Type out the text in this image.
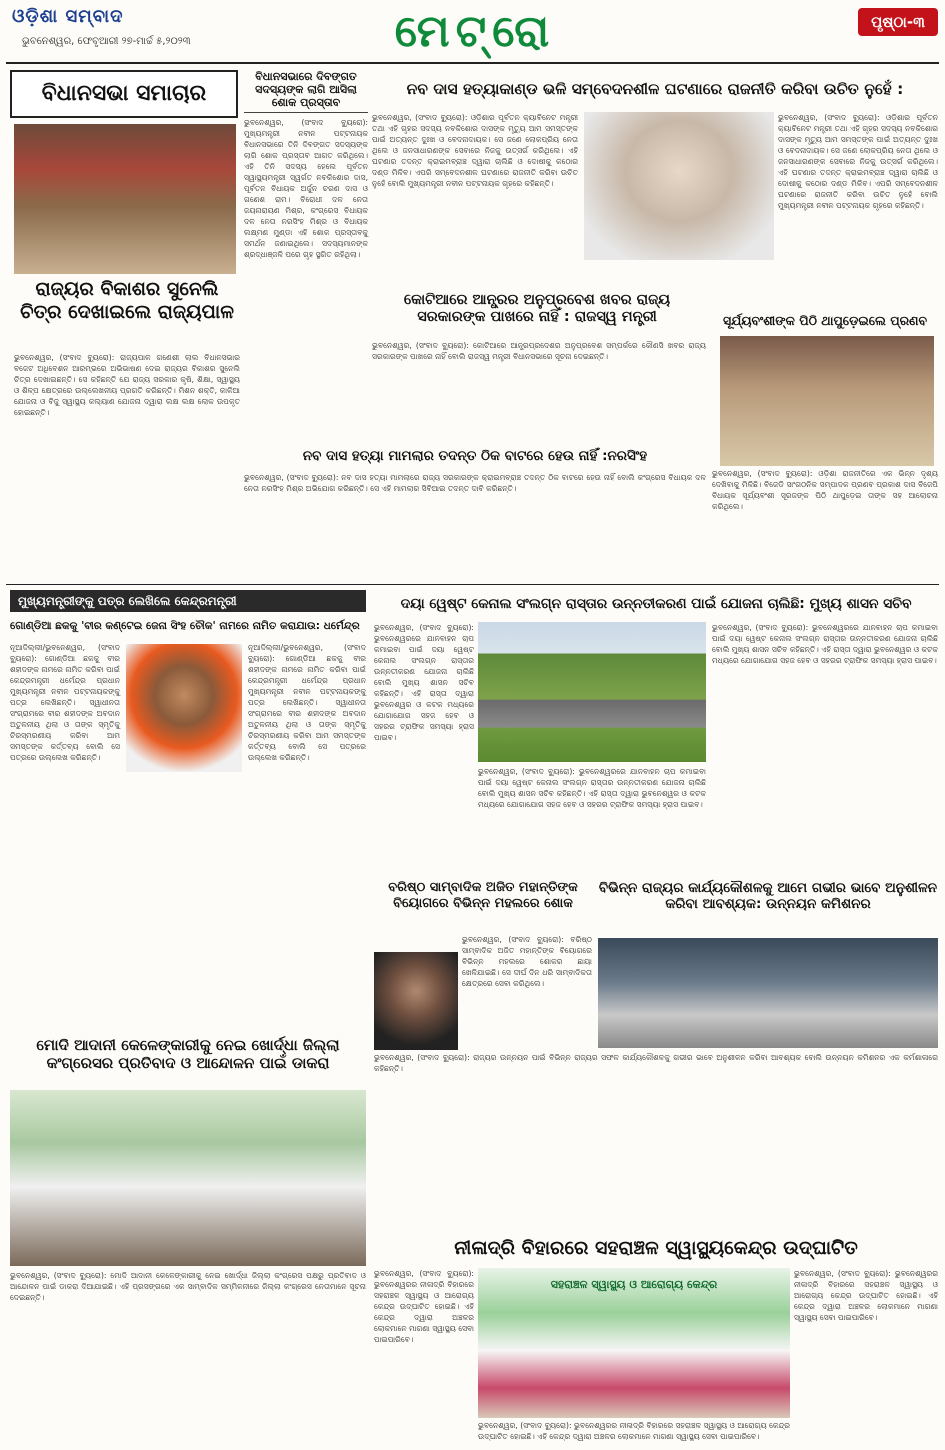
ଓଡ଼ିଶା ସମ୍ବାଦ
ଭୁବନେଶ୍ୱର, ଫେବୃଆରୀ ୨୭-ମାର୍ଚ୍ଚ ୫,୨୦୨୩	ମେଟ୍ରୋ	ପୃଷ୍ଠା-୩
ବିଧାନସଭା ସମାଚାର
ବିଧାନସଭାରେ ଦିବଙ୍ଗତ ସଦସ୍ୟଙ୍କ ଲାଗି ଆସିଲା ଶୋକ ପ୍ରସ୍ତାବ
ଭୁବନେଶ୍ୱର, (ସଂବାଦ ବ୍ୟୁରୋ): ମୁଖ୍ୟମନ୍ତ୍ରୀ ନବୀନ ପଟ୍ଟନାୟକ ବିଧାନସଭାରେ ତିନି ଦିବଙ୍ଗତ ସଦସ୍ୟଙ୍କ ଲାଗି ଶୋକ ପ୍ରସ୍ତାବ ଆଗତ କରିଥିଲେ। ଏହି ତିନି ସଦସ୍ୟ ହେଲେ ପୂର୍ବତନ ସ୍ୱାସ୍ଥ୍ୟମନ୍ତ୍ରୀ ସ୍ୱର୍ଗତ ନବକିଶୋର ଦାସ, ପୂର୍ବତନ ବିଧାୟକ ଅର୍ଜୁନ ଚରଣ ଦାସ ଓ ଗଣେଶ ରାମ। ବିରୋଧୀ ଦଳ ନେତା ଜୟନାରାୟଣ ମିଶ୍ର, କଂଗ୍ରେସ ବିଧାୟକ ଦଳ ନେତା ନରସିଂହ ମିଶ୍ର ଓ ବିଧାୟକ ଲକ୍ଷ୍ମଣ ମୁଣ୍ଡା ଏହି ଶୋକ ପ୍ରସ୍ତାବକୁ ସମର୍ଥନ ଜଣାଇଥିଲେ। ସଦସ୍ୟମାନଙ୍କ ଶ୍ରଦ୍ଧାଞ୍ଜଳି ପରେ ଗୃହ ସ୍ଥଗିତ ରହିଥିଲା।
ନବ ଦାସ ହତ୍ୟାକାଣ୍ଡ ଭଳି ସମ୍ବେଦନଶୀଳ ଘଟଣାରେ ରାଜନୀତି କରିବା ଉଚିତ ନୁହେଁ :
ଭୁବନେଶ୍ୱର, (ସଂବାଦ ବ୍ୟୁରୋ): ଓଡ଼ିଶାର ପୂର୍ବତନ କ୍ୟାବିନେଟ ମନ୍ତ୍ରୀ ତଥା ଏହି ଗୃହର ସଦସ୍ୟ ନବକିଶୋର ଦାସଙ୍କ ମୃତ୍ୟୁ ଆମ ସମସ୍ତଙ୍କ ପାଇଁ ଅତ୍ୟନ୍ତ ଦୁଃଖ ଓ ବେଦନାଦାୟକ। ସେ ଜଣେ ଲୋକପ୍ରିୟ ନେତା ଥିଲେ ଓ ଜନସାଧାରଣଙ୍କ ସେବାରେ ନିଜକୁ ଉତ୍ସର୍ଗ କରିଥିଲେ। ଏହି ଘଟଣାର ତଦନ୍ତ କ୍ରାଇମବ୍ରାଞ୍ଚ ଦ୍ୱାରା ଚାଲିଛି ଓ ଦୋଷୀକୁ କଠୋର ଦଣ୍ଡ ମିଳିବ। ଏପରି ସମ୍ବେଦନଶୀଳ ଘଟଣାରେ ରାଜନୀତି କରିବା ଉଚିତ ନୁହେଁ ବୋଲି ମୁଖ୍ୟମନ୍ତ୍ରୀ ନବୀନ ପଟ୍ଟନାୟକ ଗୃହରେ କହିଛନ୍ତି।
ଭୁବନେଶ୍ୱର, (ସଂବାଦ ବ୍ୟୁରୋ): ଓଡ଼ିଶାର ପୂର୍ବତନ କ୍ୟାବିନେଟ ମନ୍ତ୍ରୀ ତଥା ଏହି ଗୃହର ସଦସ୍ୟ ନବକିଶୋର ଦାସଙ୍କ ମୃତ୍ୟୁ ଆମ ସମସ୍ତଙ୍କ ପାଇଁ ଅତ୍ୟନ୍ତ ଦୁଃଖ ଓ ବେଦନାଦାୟକ। ସେ ଜଣେ ଲୋକପ୍ରିୟ ନେତା ଥିଲେ ଓ ଜନସାଧାରଣଙ୍କ ସେବାରେ ନିଜକୁ ଉତ୍ସର୍ଗ କରିଥିଲେ। ଏହି ଘଟଣାର ତଦନ୍ତ କ୍ରାଇମବ୍ରାଞ୍ଚ ଦ୍ୱାରା ଚାଲିଛି ଓ ଦୋଷୀକୁ କଠୋର ଦଣ୍ଡ ମିଳିବ। ଏପରି ସମ୍ବେଦନଶୀଳ ଘଟଣାରେ ରାଜନୀତି କରିବା ଉଚିତ ନୁହେଁ ବୋଲି ମୁଖ୍ୟମନ୍ତ୍ରୀ ନବୀନ ପଟ୍ଟନାୟକ ଗୃହରେ କହିଛନ୍ତି।
ରାଜ୍ୟର ବିକାଶର ସୁନେଲି ଚିତ୍ର ଦେଖାଇଲେ ରାଜ୍ୟପାଳ
ଭୁବନେଶ୍ୱର, (ସଂବାଦ ବ୍ୟୁରୋ): ରାଜ୍ୟପାଳ ଗଣେଶୀ ଲାଲ ବିଧାନସଭାର ବଜେଟ ଅଧିବେଶନ ଆରମ୍ଭରେ ଅଭିଭାଷଣ ଦେଇ ରାଜ୍ୟର ବିକାଶର ସୁନେଲି ଚିତ୍ର ଦେଖାଇଛନ୍ତି। ସେ କହିଛନ୍ତି ଯେ ରାଜ୍ୟ ସରକାର କୃଷି, ଶିକ୍ଷା, ସ୍ୱାସ୍ଥ୍ୟ ଓ ଶିଳ୍ପ କ୍ଷେତ୍ରରେ ଉଲ୍ଲେଖନୀୟ ପ୍ରଗତି କରିଛନ୍ତି। ମିଶନ ଶକ୍ତି, କାଳିଆ ଯୋଜନା ଓ ବିଜୁ ସ୍ୱାସ୍ଥ୍ୟ କଲ୍ୟାଣ ଯୋଜନା ଦ୍ୱାରା ଲକ୍ଷ ଲକ୍ଷ ଲୋକ ଉପକୃତ ହୋଇଛନ୍ତି।
କୋଟିଆରେ ଆନ୍ଧ୍ରର ଅନୁପ୍ରବେଶ ଖବର ରାଜ୍ୟ ସରକାରଙ୍କ ପାଖରେ ନାହିଁ : ରାଜସ୍ୱ ମନ୍ତ୍ରୀ
ଭୁବନେଶ୍ୱର, (ସଂବାଦ ବ୍ୟୁରୋ): କୋଟିଆରେ ଆନ୍ଧ୍ରପ୍ରଦେଶର ଅନୁପ୍ରବେଶ ସମ୍ପର୍କରେ କୌଣସି ଖବର ରାଜ୍ୟ ସରକାରଙ୍କ ପାଖରେ ନାହିଁ ବୋଲି ରାଜସ୍ୱ ମନ୍ତ୍ରୀ ବିଧାନସଭାରେ ସୂଚନା ଦେଇଛନ୍ତି।
ସୂର୍ଯ୍ୟବଂଶୀଙ୍କ ପିଠି ଥାପୁଡ଼େଇଲେ ପ୍ରଣବ
ଭୁବନେଶ୍ୱର, (ସଂବାଦ ବ୍ୟୁରୋ): ଓଡ଼ିଶା ରାଜନୀତିରେ ଏକ ଭିନ୍ନ ଦୃଶ୍ୟ ଦେଖିବାକୁ ମିଳିଛି। ବିଜେଡି ସାଂଗଠନିକ ସମ୍ପାଦକ ପ୍ରଣବ ପ୍ରକାଶ ଦାସ ବିଜେପି ବିଧାୟକ ସୂର୍ଯ୍ୟବଂଶୀ ସୂରଜଙ୍କ ପିଠି ଥାପୁଡ଼େଇ ତାଙ୍କ ସହ ଆଲୋଚନା କରିଥିଲେ।
ନବ ଦାସ ହତ୍ୟା ମାମଲାର ତଦନ୍ତ ଠିକ ବାଟରେ ହେଉ ନାହିଁ :ନରସିଂହ
ଭୁବନେଶ୍ୱର, (ସଂବାଦ ବ୍ୟୁରୋ): ନବ ଦାସ ହତ୍ୟା ମାମଲାରେ ରାଜ୍ୟ ସରକାରଙ୍କ କ୍ରାଇମବ୍ରାଞ୍ଚ ତଦନ୍ତ ଠିକ ବାଟରେ ହେଉ ନାହିଁ ବୋଲି କଂଗ୍ରେସ ବିଧାୟକ ଦଳ ନେତା ନରସିଂହ ମିଶ୍ର ଅଭିଯୋଗ କରିଛନ୍ତି। ସେ ଏହି ମାମଲାର ସିବିଆଇ ତଦନ୍ତ ଦାବି କରିଛନ୍ତି।
ମୁଖ୍ୟମନ୍ତ୍ରୀଙ୍କୁ ପତ୍ର ଲେଖିଲେ କେନ୍ଦ୍ରମନ୍ତ୍ରୀ
ଗୋଣ୍ଡିଆ ଛକକୁ 'ବୀର କଣ୍ଟେଇ ଜେନା ସିଂହ ଚୌକ' ନାମରେ ନାମିତ କରାଯାଉ: ଧର୍ମେନ୍ଦ୍ର
ନୂଆଦିଲ୍ଲୀ/ଭୁବନେଶ୍ୱର, (ସଂବାଦ ବ୍ୟୁରୋ): ଗୋଣ୍ଡିଆ ଛକକୁ ବୀର ଶହୀଦଙ୍କ ନାମରେ ନାମିତ କରିବା ପାଇଁ କେନ୍ଦ୍ରମନ୍ତ୍ରୀ ଧର୍ମେନ୍ଦ୍ର ପ୍ରଧାନ ମୁଖ୍ୟମନ୍ତ୍ରୀ ନବୀନ ପଟ୍ଟନାୟକଙ୍କୁ ପତ୍ର ଲେଖିଛନ୍ତି। ସ୍ୱାଧୀନତା ସଂଗ୍ରାମରେ ବୀର ଶହୀଦଙ୍କ ଅବଦାନ ଅତୁଳନୀୟ ଥିଲା ଓ ତାଙ୍କ ସ୍ମୃତିକୁ ଚିରସ୍ମରଣୀୟ କରିବା ଆମ ସମସ୍ତଙ୍କ କର୍ତ୍ତବ୍ୟ ବୋଲି ସେ ପତ୍ରରେ ଉଲ୍ଲେଖ କରିଛନ୍ତି।
ନୂଆଦିଲ୍ଲୀ/ଭୁବନେଶ୍ୱର, (ସଂବାଦ ବ୍ୟୁରୋ): ଗୋଣ୍ଡିଆ ଛକକୁ ବୀର ଶହୀଦଙ୍କ ନାମରେ ନାମିତ କରିବା ପାଇଁ କେନ୍ଦ୍ରମନ୍ତ୍ରୀ ଧର୍ମେନ୍ଦ୍ର ପ୍ରଧାନ ମୁଖ୍ୟମନ୍ତ୍ରୀ ନବୀନ ପଟ୍ଟନାୟକଙ୍କୁ ପତ୍ର ଲେଖିଛନ୍ତି। ସ୍ୱାଧୀନତା ସଂଗ୍ରାମରେ ବୀର ଶହୀଦଙ୍କ ଅବଦାନ ଅତୁଳନୀୟ ଥିଲା ଓ ତାଙ୍କ ସ୍ମୃତିକୁ ଚିରସ୍ମରଣୀୟ କରିବା ଆମ ସମସ୍ତଙ୍କ କର୍ତ୍ତବ୍ୟ ବୋଲି ସେ ପତ୍ରରେ ଉଲ୍ଲେଖ କରିଛନ୍ତି।
ଦୟା ୱେଷ୍ଟ କେନାଲ ସଂଲଗ୍ନ ରାସ୍ତାର ଉନ୍ନତୀକରଣ ପାଇଁ ଯୋଜନା ଚାଲିଛି: ମୁଖ୍ୟ ଶାସନ ସଚିବ
ଭୁବନେଶ୍ୱର, (ସଂବାଦ ବ୍ୟୁରୋ): ଭୁବନେଶ୍ୱରରେ ଯାନବାହନ ଚାପ କମାଇବା ପାଇଁ ଦୟା ୱେଷ୍ଟ କେନାଲ ସଂଲଗ୍ନ ରାସ୍ତାର ଉନ୍ନତୀକରଣ ଯୋଜନା ଚାଲିଛି ବୋଲି ମୁଖ୍ୟ ଶାସନ ସଚିବ କହିଛନ୍ତି। ଏହି ରାସ୍ତା ଦ୍ୱାରା ଭୁବନେଶ୍ୱର ଓ କଟକ ମଧ୍ୟରେ ଯୋଗାଯୋଗ ସହଜ ହେବ ଓ ସହରର ଟ୍ରାଫିକ ସମସ୍ୟା ହ୍ରାସ ପାଇବ।
ଭୁବନେଶ୍ୱର, (ସଂବାଦ ବ୍ୟୁରୋ): ଭୁବନେଶ୍ୱରରେ ଯାନବାହନ ଚାପ କମାଇବା ପାଇଁ ଦୟା ୱେଷ୍ଟ କେନାଲ ସଂଲଗ୍ନ ରାସ୍ତାର ଉନ୍ନତୀକରଣ ଯୋଜନା ଚାଲିଛି ବୋଲି ମୁଖ୍ୟ ଶାସନ ସଚିବ କହିଛନ୍ତି। ଏହି ରାସ୍ତା ଦ୍ୱାରା ଭୁବନେଶ୍ୱର ଓ କଟକ ମଧ୍ୟରେ ଯୋଗାଯୋଗ ସହଜ ହେବ ଓ ସହରର ଟ୍ରାଫିକ ସମସ୍ୟା ହ୍ରାସ ପାଇବ।
ଭୁବନେଶ୍ୱର, (ସଂବାଦ ବ୍ୟୁରୋ): ଭୁବନେଶ୍ୱରରେ ଯାନବାହନ ଚାପ କମାଇବା ପାଇଁ ଦୟା ୱେଷ୍ଟ କେନାଲ ସଂଲଗ୍ନ ରାସ୍ତାର ଉନ୍ନତୀକରଣ ଯୋଜନା ଚାଲିଛି ବୋଲି ମୁଖ୍ୟ ଶାସନ ସଚିବ କହିଛନ୍ତି। ଏହି ରାସ୍ତା ଦ୍ୱାରା ଭୁବନେଶ୍ୱର ଓ କଟକ ମଧ୍ୟରେ ଯୋଗାଯୋଗ ସହଜ ହେବ ଓ ସହରର ଟ୍ରାଫିକ ସମସ୍ୟା ହ୍ରାସ ପାଇବ।
ବରିଷ୍ଠ ସାମ୍ବାଦିକ ଅଜିତ ମହାନ୍ତିଙ୍କ ବିୟୋଗରେ ବିଭିନ୍ନ ମହଲରେ ଶୋକ
ଭୁବନେଶ୍ୱର, (ସଂବାଦ ବ୍ୟୁରୋ): ବରିଷ୍ଠ ସାମ୍ବାଦିକ ଅଜିତ ମହାନ୍ତିଙ୍କ ବିୟୋଗରେ ବିଭିନ୍ନ ମହଲରେ ଶୋକର ଛାୟା ଖେଳିଯାଇଛି। ସେ ଦୀର୍ଘ ଦିନ ଧରି ସାମ୍ବାଦିକତା କ୍ଷେତ୍ରରେ ସେବା କରିଥିଲେ।
ବିଭିନ୍ନ ରାଜ୍ୟର କାର୍ଯ୍ୟକୌଶଳକୁ ଆମେ ଗଭୀର ଭାବେ ଅନୁଶୀଳନ କରିବା ଆବଶ୍ୟକ: ଉନ୍ନୟନ କମିଶନର
ଭୁବନେଶ୍ୱର, (ସଂବାଦ ବ୍ୟୁରୋ): ରାଜ୍ୟର ଉନ୍ନୟନ ପାଇଁ ବିଭିନ୍ନ ରାଜ୍ୟର ସଫଳ କାର୍ଯ୍ୟକୌଶଳକୁ ଗଭୀର ଭାବେ ଅନୁଶୀଳନ କରିବା ଆବଶ୍ୟକ ବୋଲି ଉନ୍ନୟନ କମିଶନର ଏକ କର୍ମଶାଳାରେ କହିଛନ୍ତି।
ମୋଦି ଆଦାନୀ କେଳେଙ୍କାରୀକୁ ନେଇ ଖୋର୍ଦ୍ଧା ଜିଲ୍ଲା କଂଗ୍ରେସର ପ୍ରତିବାଦ ଓ ଆନ୍ଦୋଳନ ପାଇଁ ଡାକରା
ଭୁବନେଶ୍ୱର, (ସଂବାଦ ବ୍ୟୁରୋ): ମୋଦି ଆଦାନୀ କେଳେଙ୍କାରୀକୁ ନେଇ ଖୋର୍ଦ୍ଧା ଜିଲ୍ଲା କଂଗ୍ରେସ ପକ୍ଷରୁ ପ୍ରତିବାଦ ଓ ଆନ୍ଦୋଳନ ପାଇଁ ଡାକରା ଦିଆଯାଇଛି। ଏହି ପ୍ରସଙ୍ଗରେ ଏକ ସାମ୍ବାଦିକ ସମ୍ମିଳନୀରେ ଜିଲ୍ଲା କଂଗ୍ରେସ ନେତାମାନେ ସୂଚନା ଦେଇଛନ୍ତି।
ନୀଳାଦ୍ରି ବିହାରରେ ସହରାଞ୍ଚଳ ସ୍ୱାସ୍ଥ୍ୟକେନ୍ଦ୍ର ଉଦ୍‌ଘାଟିତ
ଭୁବନେଶ୍ୱର, (ସଂବାଦ ବ୍ୟୁରୋ): ଭୁବନେଶ୍ୱରର ନୀଳାଦ୍ରି ବିହାରରେ ସହରାଞ୍ଚଳ ସ୍ୱାସ୍ଥ୍ୟ ଓ ଆରୋଗ୍ୟ କେନ୍ଦ୍ର ଉଦ୍‌ଘାଟିତ ହୋଇଛି। ଏହି କେନ୍ଦ୍ର ଦ୍ୱାରା ଅଞ୍ଚଳର ଲୋକମାନେ ମାଗଣା ସ୍ୱାସ୍ଥ୍ୟ ସେବା ପାଇପାରିବେ।
ସହରାଞ୍ଚଳ ସ୍ୱାସ୍ଥ୍ୟ ଓ ଆରୋଗ୍ୟ କେନ୍ଦ୍ର
ଭୁବନେଶ୍ୱର, (ସଂବାଦ ବ୍ୟୁରୋ): ଭୁବନେଶ୍ୱରର ନୀଳାଦ୍ରି ବିହାରରେ ସହରାଞ୍ଚଳ ସ୍ୱାସ୍ଥ୍ୟ ଓ ଆରୋଗ୍ୟ କେନ୍ଦ୍ର ଉଦ୍‌ଘାଟିତ ହୋଇଛି। ଏହି କେନ୍ଦ୍ର ଦ୍ୱାରା ଅଞ୍ଚଳର ଲୋକମାନେ ମାଗଣା ସ୍ୱାସ୍ଥ୍ୟ ସେବା ପାଇପାରିବେ।
ଭୁବନେଶ୍ୱର, (ସଂବାଦ ବ୍ୟୁରୋ): ଭୁବନେଶ୍ୱରର ନୀଳାଦ୍ରି ବିହାରରେ ସହରାଞ୍ଚଳ ସ୍ୱାସ୍ଥ୍ୟ ଓ ଆରୋଗ୍ୟ କେନ୍ଦ୍ର ଉଦ୍‌ଘାଟିତ ହୋଇଛି। ଏହି କେନ୍ଦ୍ର ଦ୍ୱାରା ଅଞ୍ଚଳର ଲୋକମାନେ ମାଗଣା ସ୍ୱାସ୍ଥ୍ୟ ସେବା ପାଇପାରିବେ।
